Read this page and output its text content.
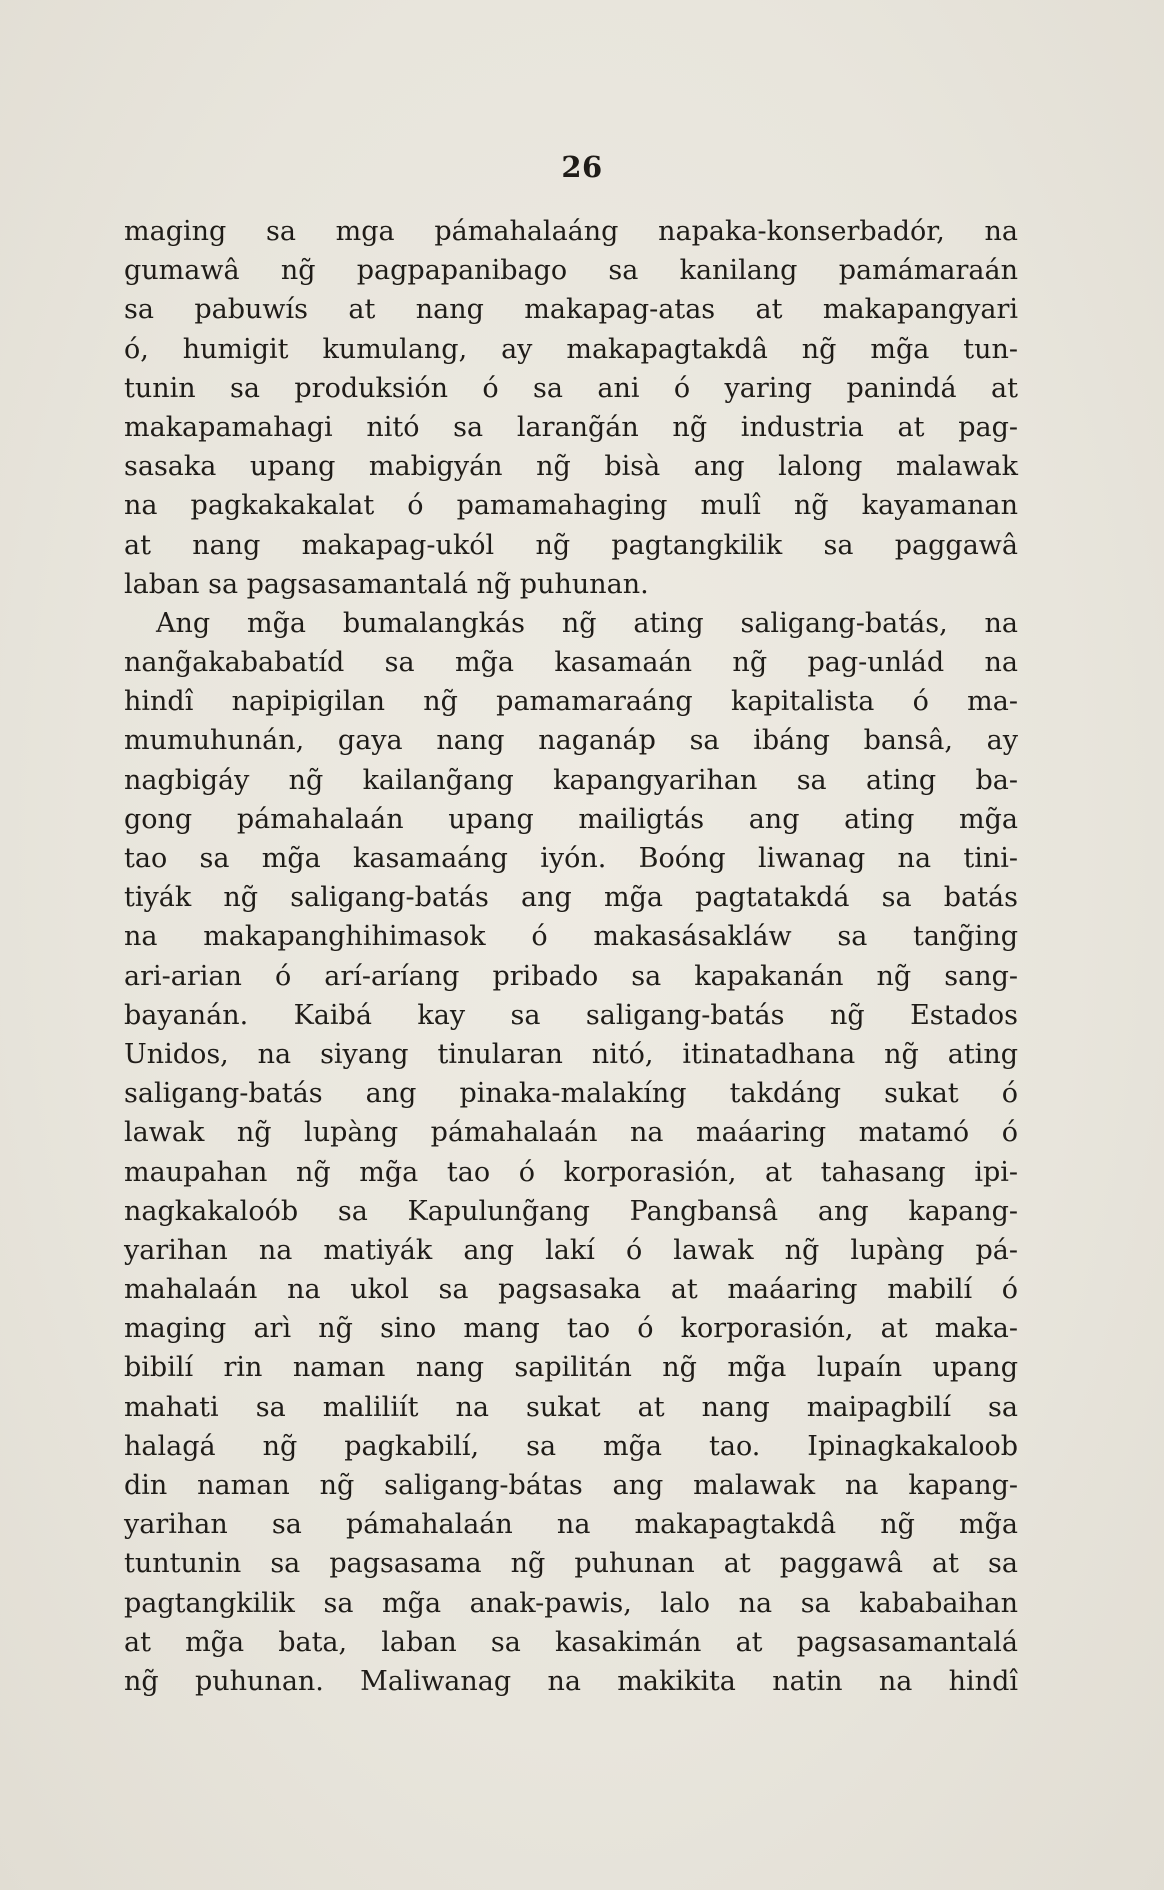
26
maging sa mga pámahalaáng napaka-konserbadór, na
gumawâ ng̃ pagpapanibago sa kanilang pamámaraán
sa pabuwís at nang makapag-atas at makapangyari
ó, humigit kumulang, ay makapagtakdâ ng̃ mg̃a tun-
tunin sa produksión ó sa ani ó yaring panindá at
makapamahagi nitó sa larang̃án ng̃ industria at pag-
sasaka upang mabigyán ng̃ bisà ang lalong malawak
na pagkakakalat ó pamamahaging mulî ng̃ kayamanan
at nang makapag-ukól ng̃ pagtangkilik sa paggawâ
laban sa pagsasamantalá ng̃ puhunan.
Ang mg̃a bumalangkás ng̃ ating saligang-batás, na
nang̃akababatíd sa mg̃a kasamaán ng̃ pag-unlád na
hindî napipigilan ng̃ pamamaraáng kapitalista ó ma-
mumuhunán, gaya nang naganáp sa ibáng bansâ, ay
nagbigáy ng̃ kailang̃ang kapangyarihan sa ating ba-
gong pámahalaán upang mailigtás ang ating mg̃a
tao sa mg̃a kasamaáng iyón. Boóng liwanag na tini-
tiyák ng̃ saligang-batás ang mg̃a pagtatakdá sa batás
na makapanghihimasok ó makasásakláw sa tang̃ing
ari-arian ó arí-aríang pribado sa kapakanán ng̃ sang-
bayanán. Kaibá kay sa saligang-batás ng̃ Estados
Unidos, na siyang tinularan nitó, itinatadhana ng̃ ating
saligang-batás ang pinaka-malakíng takdáng sukat ó
lawak ng̃ lupàng pámahalaán na maáaring matamó ó
maupahan ng̃ mg̃a tao ó korporasión, at tahasang ipi-
nagkakaloób sa Kapulung̃ang Pangbansâ ang kapang-
yarihan na matiyák ang lakí ó lawak ng̃ lupàng pá-
mahalaán na ukol sa pagsasaka at maáaring mabilí ó
maging arì ng̃ sino mang tao ó korporasión, at maka-
bibilí rin naman nang sapilitán ng̃ mg̃a lupaín upang
mahati sa maliliít na sukat at nang maipagbilí sa
halagá ng̃ pagkabilí, sa mg̃a tao. Ipinagkakaloob
din naman ng̃ saligang-bátas ang malawak na kapang-
yarihan sa pámahalaán na makapagtakdâ ng̃ mg̃a
tuntunin sa pagsasama ng̃ puhunan at paggawâ at sa
pagtangkilik sa mg̃a anak-pawis, lalo na sa kababaihan
at mg̃a bata, laban sa kasakimán at pagsasamantalá
ng̃ puhunan. Maliwanag na makikita natin na hindî
